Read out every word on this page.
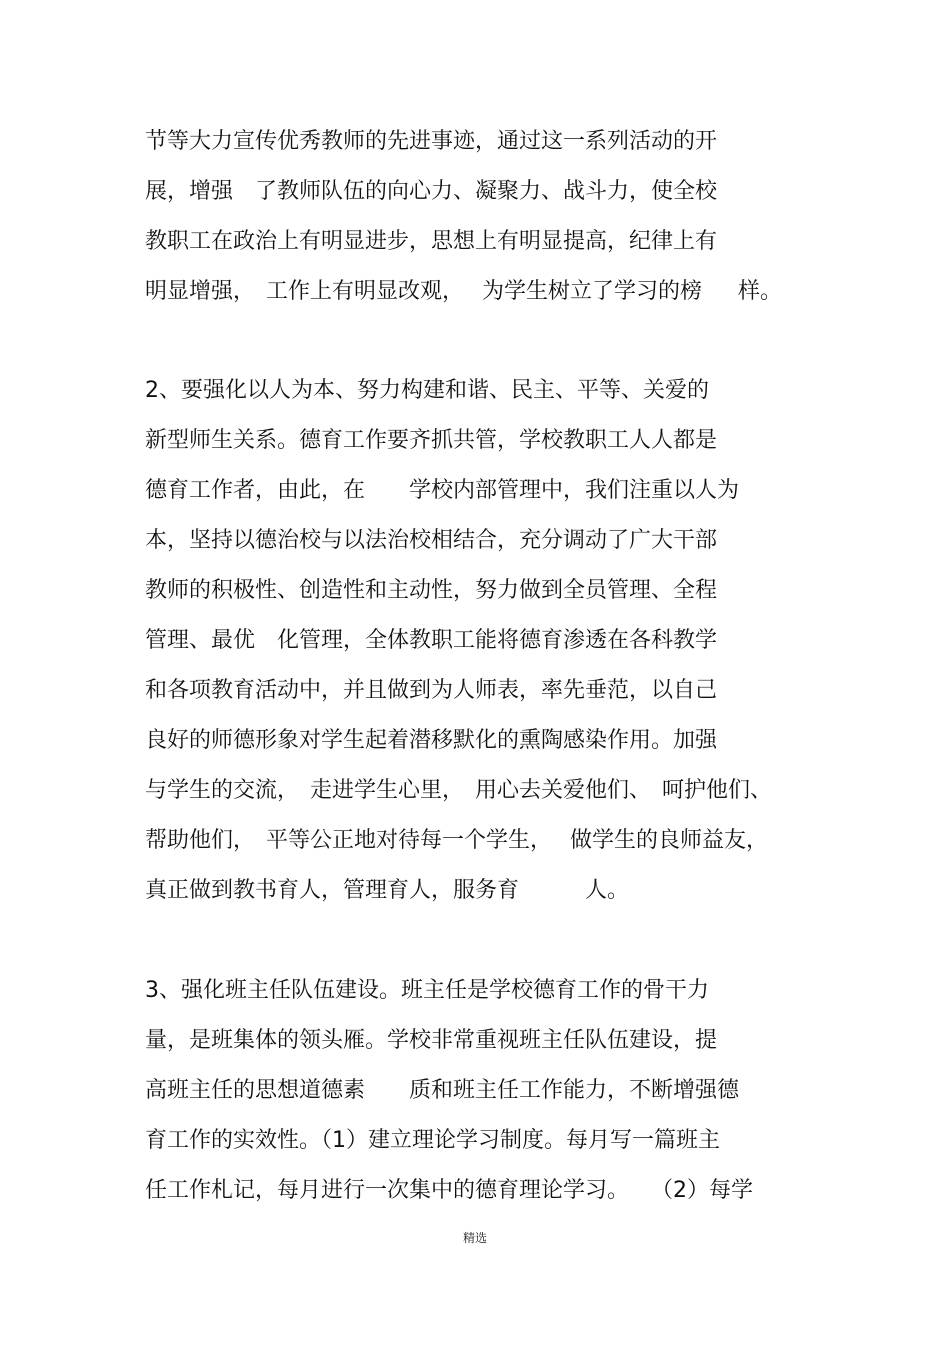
节等大力宣传优秀教师的先进事迹，通过这一系列活动的开
展，增强　了教师队伍的向心力、凝聚力、战斗力，使全校
教职工在政治上有明显进步，思想上有明显提高，纪律上有
明显增强，　工作上有明显改观，　 为学生树立了学习的榜　  样。
2、要强化以人为本、努力构建和谐、民主、平等、关爱的
新型师生关系。德育工作要齐抓共管，学校教职工人人都是
德育工作者，由此，在　　学校内部管理中，我们注重以人为
本，坚持以德治校与以法治校相结合，充分调动了广大干部
教师的积极性、创造性和主动性，努力做到全员管理、全程
管理、最优　化管理，全体教职工能将德育渗透在各科教学
和各项教育活动中，并且做到为人师表，率先垂范，以自己
良好的师德形象对学生起着潜移默化的熏陶感染作用。加强
与学生的交流，　走进学生心里，　用心去关爱他们、　呵护他们、
帮助他们，　平等公正地对待每一个学生，　 做学生的良师益友，
真正做到教书育人，管理育人，服务育　　　人。
3、强化班主任队伍建设。班主任是学校德育工作的骨干力
量，是班集体的领头雁。学校非常重视班主任队伍建设，提
高班主任的思想道德素　　质和班主任工作能力，不断增强德
育工作的实效性。（1）建立理论学习制度。每月写一篇班主
任工作札记，每月进行一次集中的德育理论学习。　　（2）每学
精选
